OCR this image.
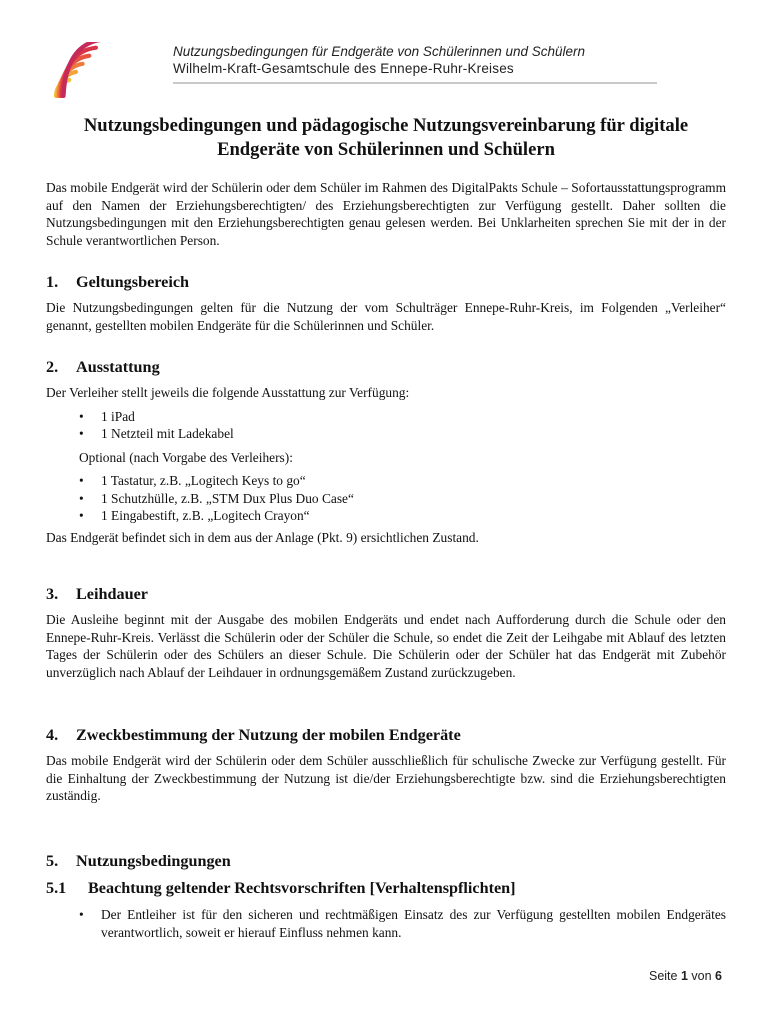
Nutzungsbedingungen für Endgeräte von Schülerinnen und Schülern
Wilhelm-Kraft-Gesamtschule des Ennepe-Ruhr-Kreises
Nutzungsbedingungen und pädagogische Nutzungsvereinbarung für digitale
Endgeräte von Schülerinnen und Schülern
Das mobile Endgerät wird der Schülerin oder dem Schüler im Rahmen des DigitalPakts Schule – Sofortausstattungsprogramm auf den Namen der Erziehungsberechtigten/ des Erziehungsberechtigten zur Verfügung gestellt. Daher sollten die Nutzungsbedingungen mit den Erziehungsberechtigten genau gelesen werden. Bei Unklarheiten sprechen Sie mit der in der Schule verantwortlichen Person.
1. Geltungsbereich
Die Nutzungsbedingungen gelten für die Nutzung der vom Schulträger Ennepe-Ruhr-Kreis, im Folgenden „Verleiher“ genannt, gestellten mobilen Endgeräte für die Schülerinnen und Schüler.
2. Ausstattung
Der Verleiher stellt jeweils die folgende Ausstattung zur Verfügung:
• 1 iPad
• 1 Netzteil mit Ladekabel
Optional (nach Vorgabe des Verleihers):
• 1 Tastatur, z.B. „Logitech Keys to go“
• 1 Schutzhülle, z.B. „STM Dux Plus Duo Case“
• 1 Eingabestift, z.B. „Logitech Crayon“
Das Endgerät befindet sich in dem aus der Anlage (Pkt. 9) ersichtlichen Zustand.
3. Leihdauer
Die Ausleihe beginnt mit der Ausgabe des mobilen Endgeräts und endet nach Aufforderung durch die Schule oder den Ennepe-Ruhr-Kreis. Verlässt die Schülerin oder der Schüler die Schule, so endet die Zeit der Leihgabe mit Ablauf des letzten Tages der Schülerin oder des Schülers an dieser Schule. Die Schülerin oder der Schüler hat das Endgerät mit Zubehör unverzüglich nach Ablauf der Leihdauer in ordnungsgemäßem Zustand zurückzugeben.
4. Zweckbestimmung der Nutzung der mobilen Endgeräte
Das mobile Endgerät wird der Schülerin oder dem Schüler ausschließlich für schulische Zwecke zur Verfügung gestellt. Für die Einhaltung der Zweckbestimmung der Nutzung ist die/der Erziehungsberechtigte bzw. sind die Erziehungsberechtigten zuständig.
5. Nutzungsbedingungen
5.1 Beachtung geltender Rechtsvorschriften [Verhaltenspflichten]
• Der Entleiher ist für den sicheren und rechtmäßigen Einsatz des zur Verfügung gestellten mobilen Endgerätes verantwortlich, soweit er hierauf Einfluss nehmen kann.
Seite 1 von 6
